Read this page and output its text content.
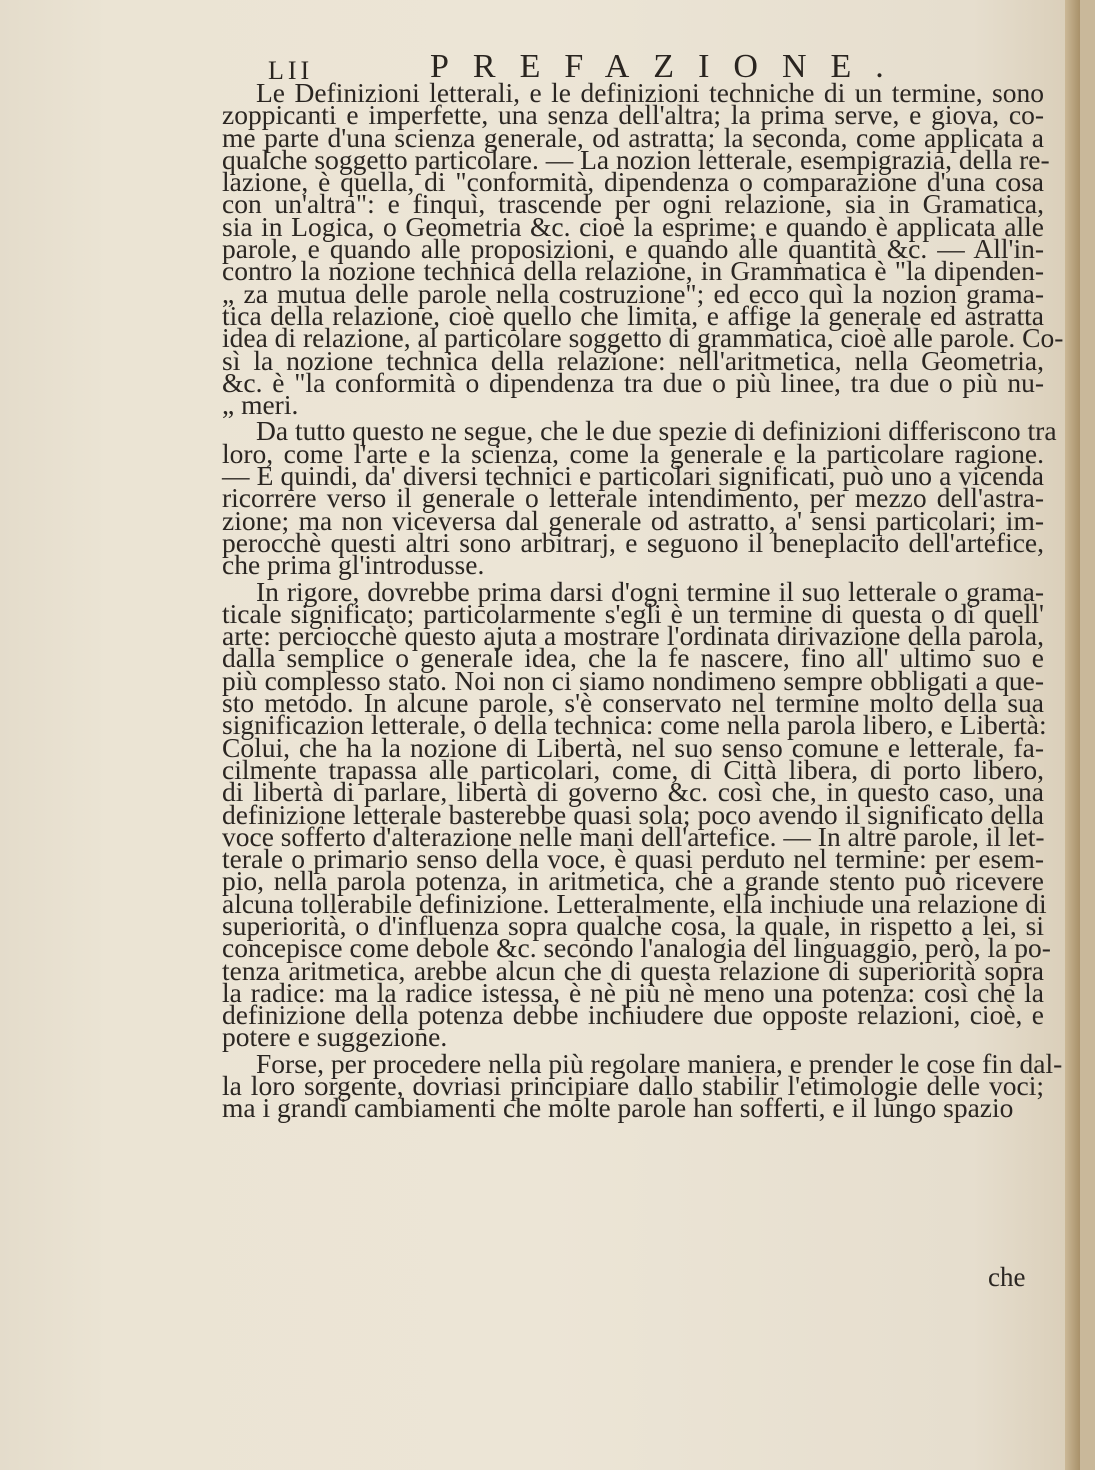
LII	PREFAZIONE.
Le Definizioni letterali, e le definizioni techniche di un termine, sono
zoppicanti e imperfette, una senza dell'altra; la prima serve, e giova, co-
me parte d'una scienza generale, od astratta; la seconda, come applicata a
qualche soggetto particolare. — La nozion letterale, esempigrazia, della re-
lazione, è quella, di "conformità, dipendenza o comparazione d'una cosa
con un'altra": e finquì, trascende per ogni relazione, sia in Gramatica,
sia in Logica, o Geometria &c. cioè la esprime; e quando è applicata alle
parole, e quando alle proposizioni, e quando alle quantità &c. — All'in-
contro la nozione technica della relazione, in Grammatica è "la dipenden-
„ za mutua delle parole nella costruzione"; ed ecco quì la nozion grama-
tica della relazione, cioè quello che limita, e affige la generale ed astratta
idea di relazione, al particolare soggetto di grammatica, cioè alle parole. Co-
sì la nozione technica della relazione: nell'aritmetica, nella Geometria,
&c. è "la conformità o dipendenza tra due o più linee, tra due o più nu-
„ meri.
Da tutto questo ne segue, che le due spezie di definizioni differiscono tra
loro, come l'arte e la scienza, come la generale e la particolare ragione.
— E quindi, da' diversi technici e particolari significati, può uno a vicenda
ricorrere verso il generale o letterale intendimento, per mezzo dell'astra-
zione; ma non viceversa dal generale od astratto, a' sensi particolari; im-
perocchè questi altri sono arbitrarj, e seguono il beneplacito dell'artefice,
che prima gl'introdusse.
In rigore, dovrebbe prima darsi d'ogni termine il suo letterale o grama-
ticale significato; particolarmente s'egli è un termine di questa o di quell'
arte: perciocchè questo ajuta a mostrare l'ordinata dirivazione della parola,
dalla semplice o generale idea, che la fe nascere, fino all' ultimo suo e
più complesso stato. Noi non ci siamo nondimeno sempre obbligati a que-
sto metodo. In alcune parole, s'è conservato nel termine molto della sua
significazion letterale, o della technica: come nella parola libero, e Libertà:
Colui, che ha la nozione di Libertà, nel suo senso comune e letterale, fa-
cilmente trapassa alle particolari, come, di Città libera, di porto libero,
di libertà di parlare, libertà di governo &c. così che, in questo caso, una
definizione letterale basterebbe quasi sola; poco avendo il significato della
voce sofferto d'alterazione nelle mani dell'artefice. — In altre parole, il let-
terale o primario senso della voce, è quasi perduto nel termine: per esem-
pio, nella parola potenza, in aritmetica, che a grande stento può ricevere
alcuna tollerabile definizione. Letteralmente, ella inchiude una relazione di
superiorità, o d'influenza sopra qualche cosa, la quale, in rispetto a lei, si
concepisce come debole &c. secondo l'analogia del linguaggio, però, la po-
tenza aritmetica, arebbe alcun che di questa relazione di superiorità sopra
la radice: ma la radice istessa, è nè più nè meno una potenza: così che la
definizione della potenza debbe inchiudere due opposte relazioni, cioè, e
potere e suggezione.
Forse, per procedere nella più regolare maniera, e prender le cose fin dal-
la loro sorgente, dovriasi principiare dallo stabilir l'etimologie delle voci;
ma i grandi cambiamenti che molte parole han sofferti, e il lungo spazio
che
